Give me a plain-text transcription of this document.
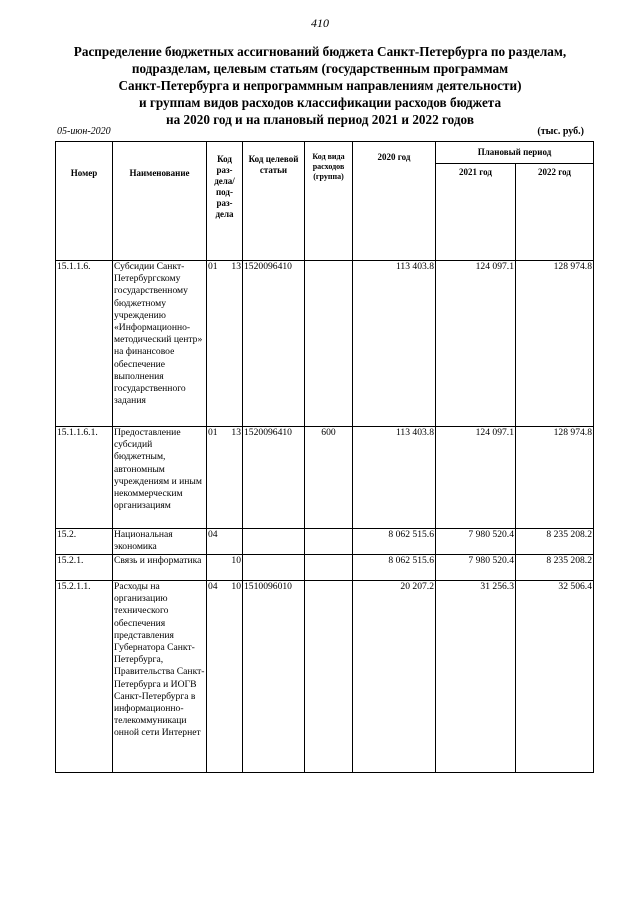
410
Распределение бюджетных ассигнований бюджета Санкт-Петербурга по разделам,
подразделам, целевым статьям (государственным программам
Санкт-Петербурга и непрограммным направлениям деятельности)
и группам видов расходов классификации расходов бюджета
на 2020 год и на плановый период 2021 и 2022 годов
05-июн-2020	(тыс. руб.)
Номер	Наименование	Код раз-дела/ под-раз-дела	Код целевой статьи	Код вида расходов (группа)	2020 год	Плановый период	
						2021 год	2022 год
15.1.1.6.	Субсидии Санкт-Петербургскому государственному бюджетному учреждению «Информационно-методический центр» на финансовое обеспечение выполнения государственного задания	01 13	1520096410		113 403.8	124 097.1	128 974.8
15.1.1.6.1.	Предоставление субсидий бюджетным, автономным учреждениям и иным некоммерческим организациям	01 13	1520096410	600	113 403.8	124 097.1	128 974.8
15.2.	Национальная экономика	04			8 062 515.6	7 980 520.4	8 235 208.2
15.2.1.	Связь и информатика	10			8 062 515.6	7 980 520.4	8 235 208.2
15.2.1.1.	Расходы на организацию технического обеспечения представления Губернатора Санкт-Петербурга, Правительства Санкт-Петербурга и ИОГВ Санкт-Петербурга в информационно-телекоммуникаци онной сети Интернет	04 10	1510096010		20 207.2	31 256.3	32 506.4
